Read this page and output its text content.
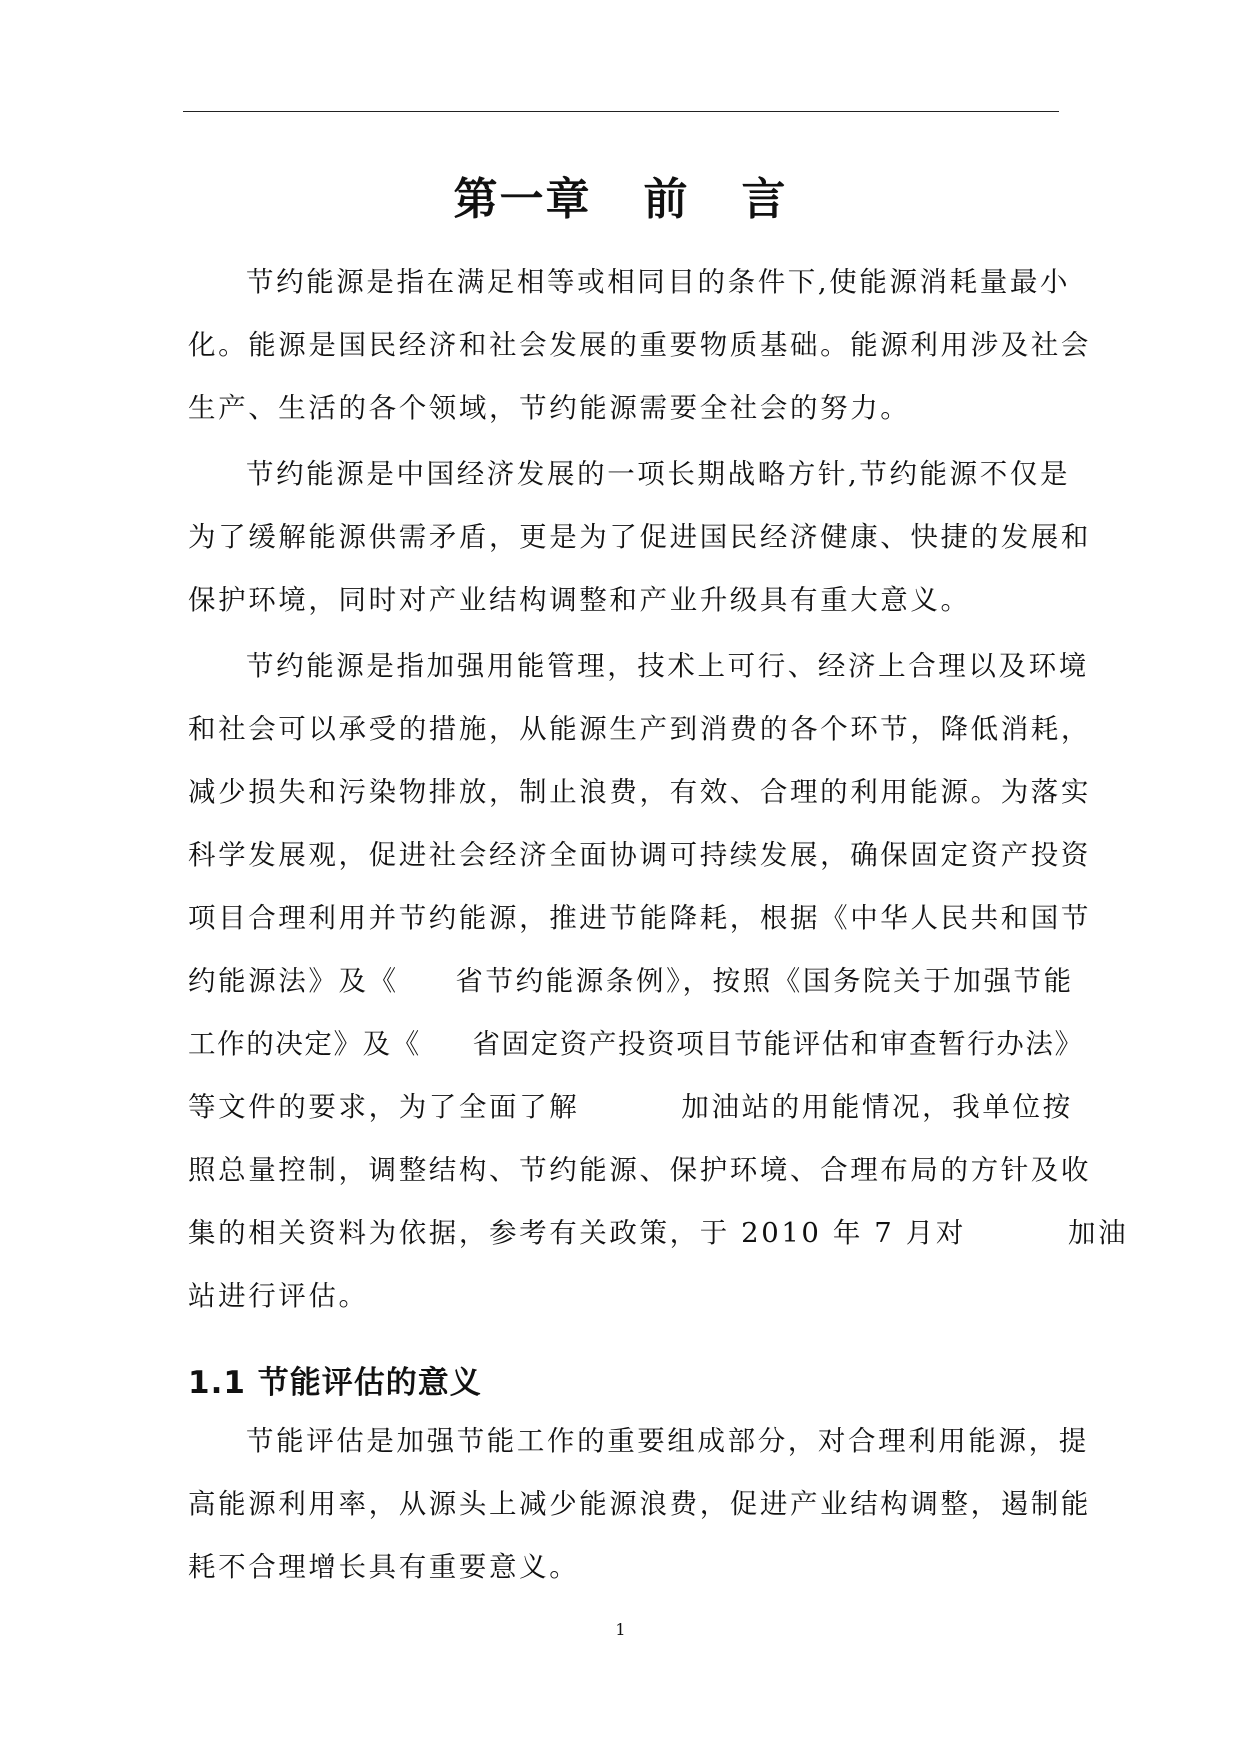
第一章   前   言
节约能源是指在满足相等或相同目的条件下,使能源消耗量最小
化。能源是国民经济和社会发展的重要物质基础。能源利用涉及社会
生产、生活的各个领域，节约能源需要全社会的努力。
节约能源是中国经济发展的一项长期战略方针,节约能源不仅是
为了缓解能源供需矛盾，更是为了促进国民经济健康、快捷的发展和
保护环境，同时对产业结构调整和产业升级具有重大意义。
节约能源是指加强用能管理，技术上可行、经济上合理以及环境
和社会可以承受的措施，从能源生产到消费的各个环节，降低消耗，
减少损失和污染物排放，制止浪费，有效、合理的利用能源。为落实
科学发展观，促进社会经济全面协调可持续发展，确保固定资产投资
项目合理利用并节约能源，推进节能降耗，根据《中华人民共和国节
约能源法》及《     省节约能源条例》，按照《国务院关于加强节能
工作的决定》及《     省固定资产投资项目节能评估和审查暂行办法》
等文件的要求，为了全面了解         加油站的用能情况，我单位按
照总量控制，调整结构、节约能源、保护环境、合理布局的方针及收
集的相关资料为依据，参考有关政策，于 2010 年 7 月对         加油
站进行评估。
1.1 节能评估的意义
节能评估是加强节能工作的重要组成部分，对合理利用能源，提
高能源利用率，从源头上减少能源浪费，促进产业结构调整，遏制能
耗不合理增长具有重要意义。
1
